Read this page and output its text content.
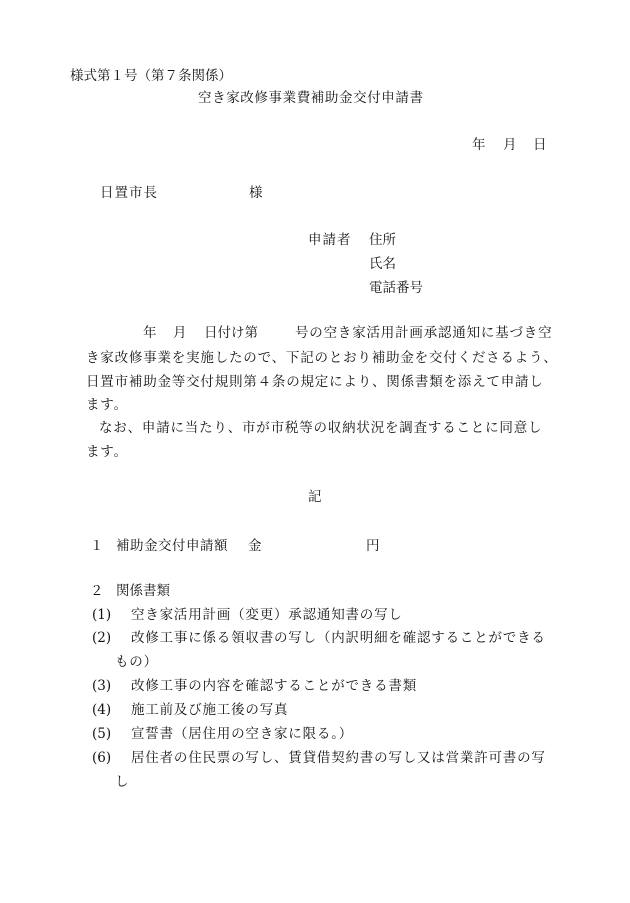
様式第１号（第７条関係）
空き家改修事業費補助金交付申請書
年 月 日
日置市長	様
申請者 住所
氏名
電話番号
年 月 日付け第	号の空き家活用計画承認通知に基づき空
き家改修事業を実施したので、下記のとおり補助金を交付くださるよう、
日置市補助金等交付規則第４条の規定により、関係書類を添えて申請し
ます。
なお、申請に当たり、市が市税等の収納状況を調査することに同意し
ます。
記
１ 補助金交付申請額 金	円
２ 関係書類
(1) 空き家活用計画（変更）承認通知書の写し
(2) 改修工事に係る領収書の写し（内訳明細を確認することができる
もの）
(3) 改修工事の内容を確認することができる書類
(4) 施工前及び施工後の写真
(5) 宣誓書（居住用の空き家に限る。）
(6) 居住者の住民票の写し、賃貸借契約書の写し又は営業許可書の写
し
